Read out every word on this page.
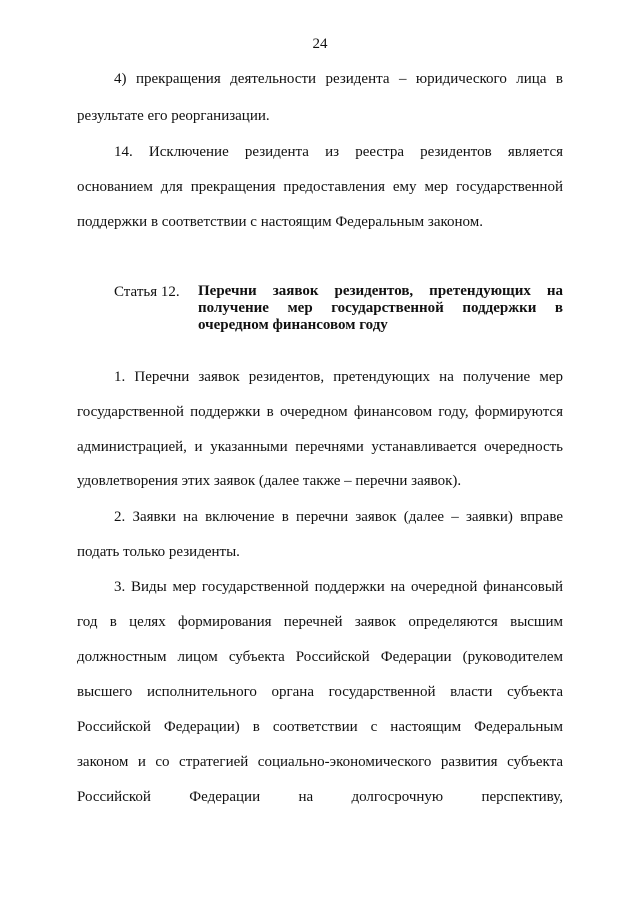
24
4) прекращения деятельности резидента – юридического лица в
результате его реорганизации.
14. Исключение резидента из реестра резидентов является
основанием для прекращения предоставления ему мер государственной
поддержки в соответствии с настоящим Федеральным законом.
Статья 12. Перечни заявок резидентов, претендующих на
получение мер государственной поддержки в
очередном финансовом году
1. Перечни заявок резидентов, претендующих на получение мер
государственной поддержки в очередном финансовом году, формируются
администрацией, и указанными перечнями устанавливается очередность
удовлетворения этих заявок (далее также – перечни заявок).
2. Заявки на включение в перечни заявок (далее – заявки) вправе
подать только резиденты.
3. Виды мер государственной поддержки на очередной финансовый
год в целях формирования перечней заявок определяются высшим
должностным лицом субъекта Российской Федерации (руководителем
высшего исполнительного органа государственной власти субъекта
Российской Федерации) в соответствии с настоящим Федеральным
законом и со стратегией социально-экономического развития субъекта
Российской Федерации на долгосрочную перспективу,
